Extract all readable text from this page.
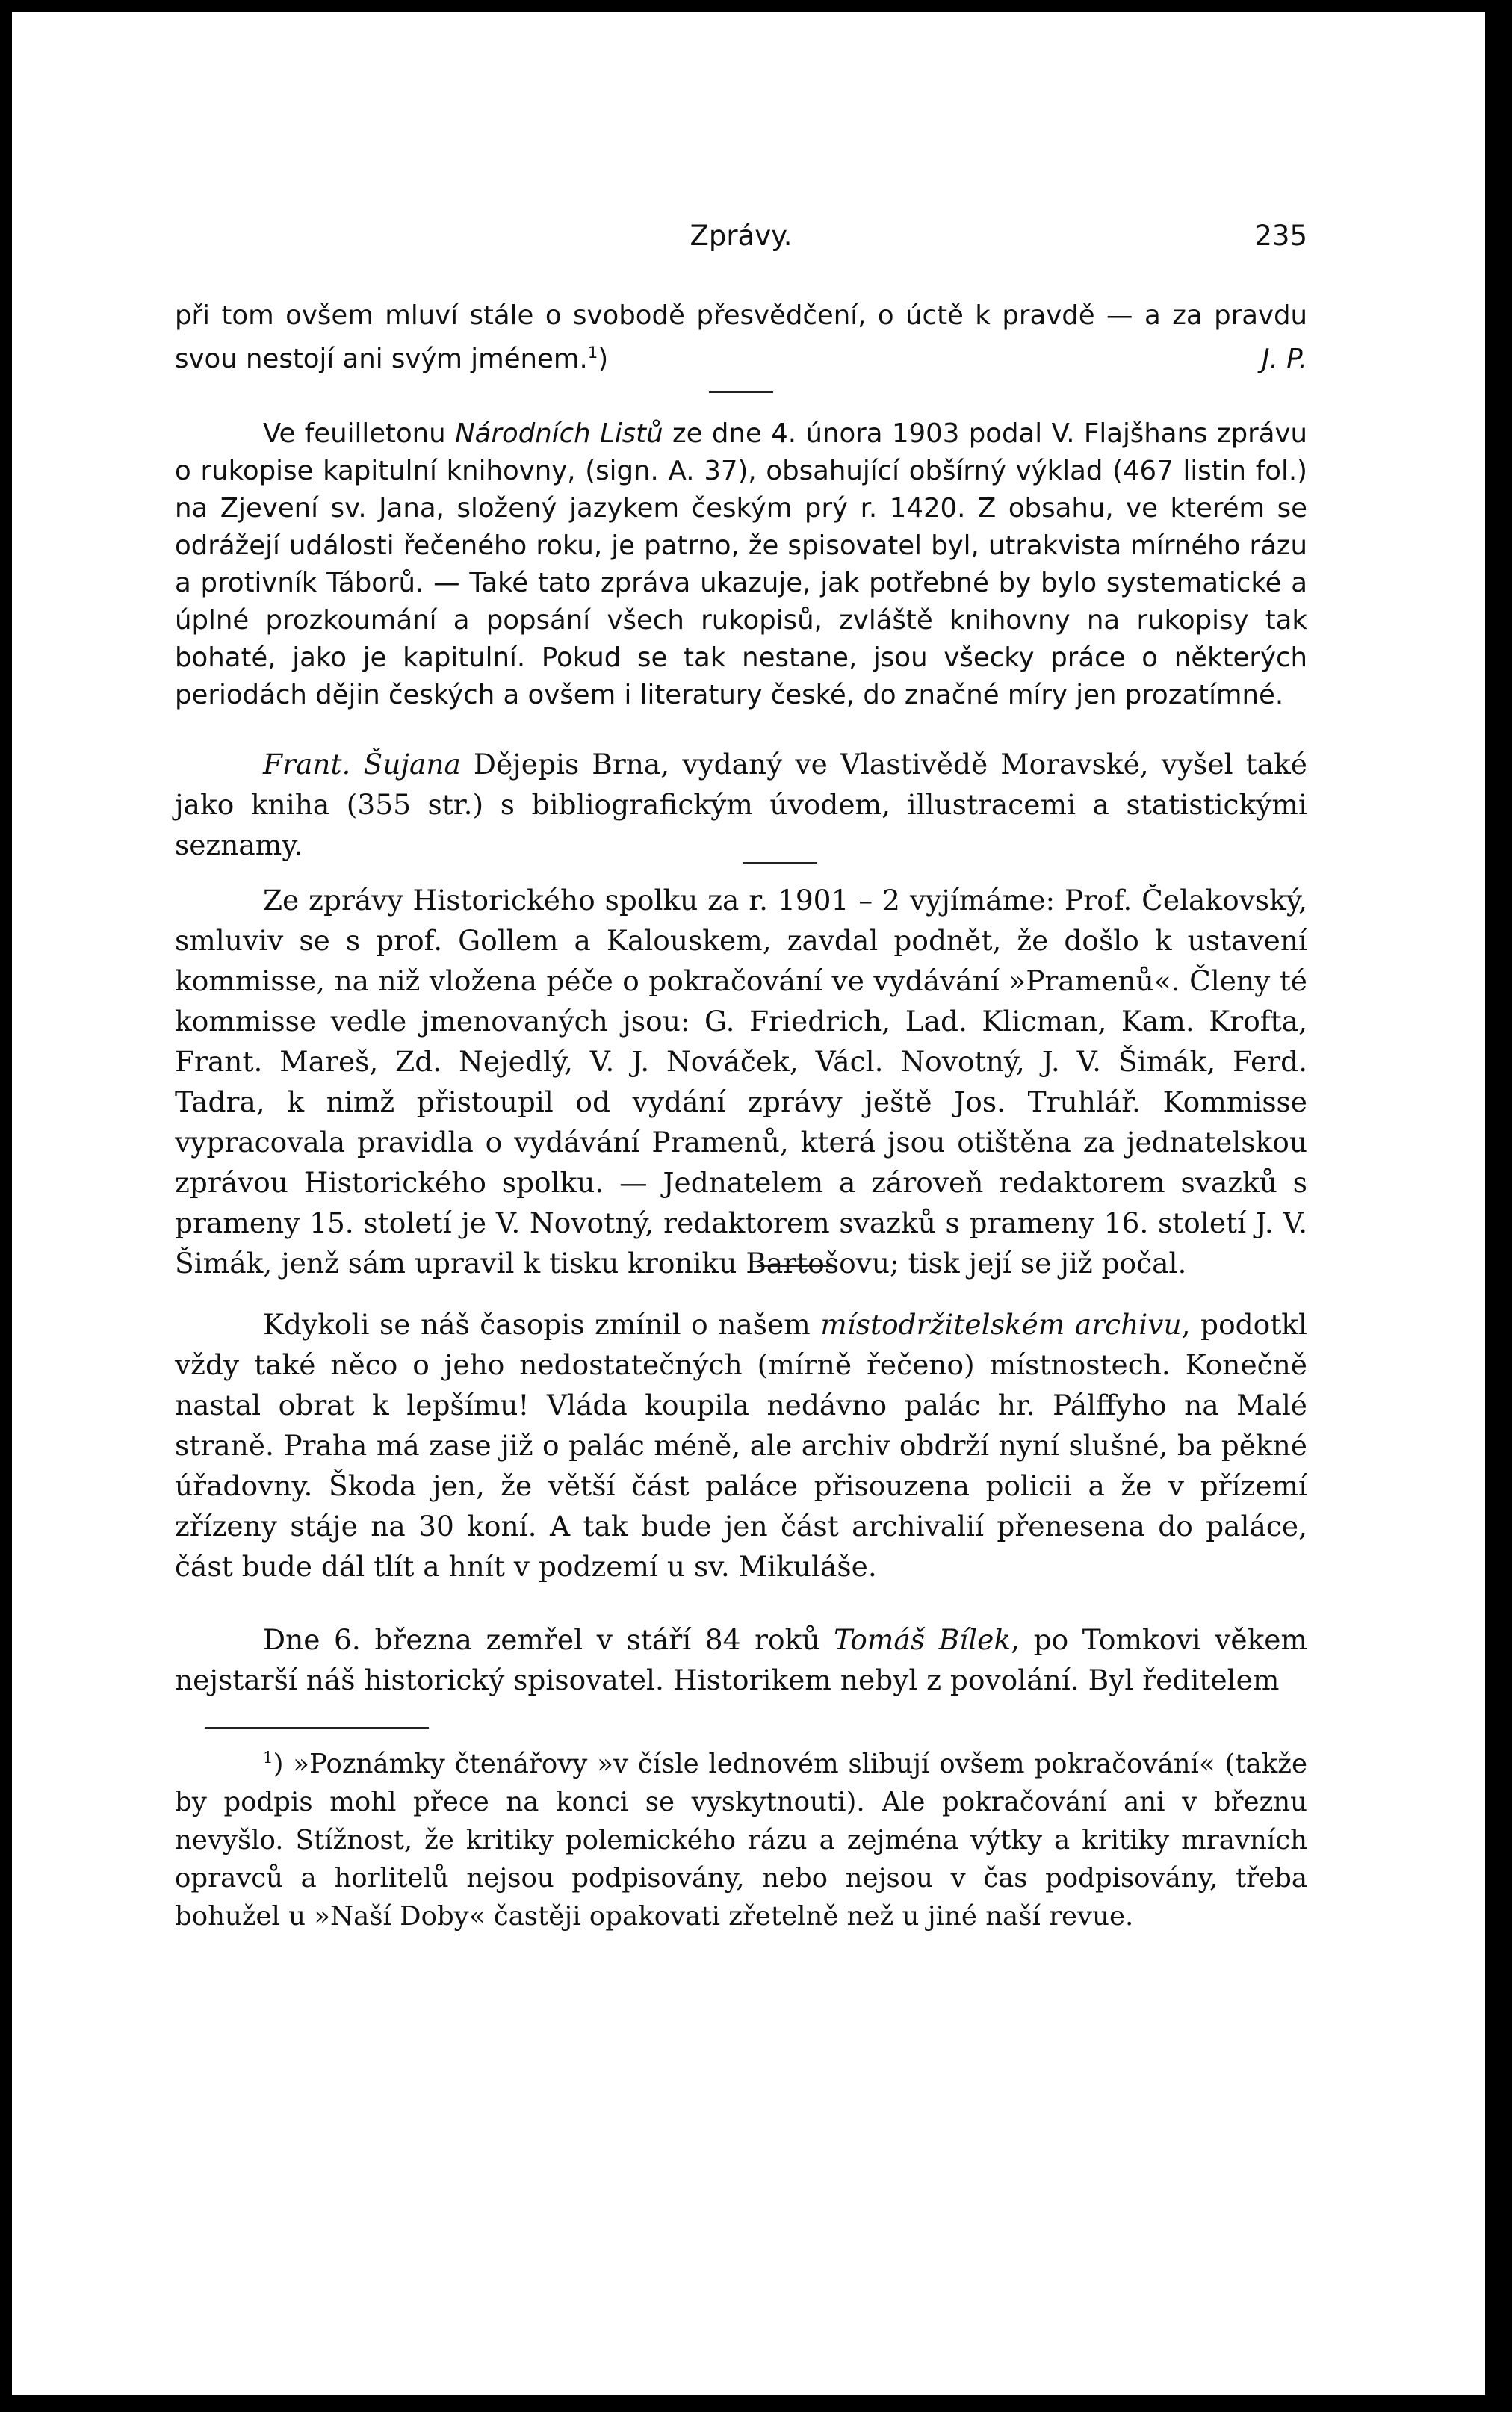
Zprávy.	235

při tom ovšem mluví stále o svobodě přesvědčení, o úctě k pravdě — a za pravdu svou nestojí ani svým jménem.$^1$)	J. P.

Ve feuilletonu Národních Listů ze dne 4. února 1903 podal V. Flajšhans zprávu o rukopise kapitulní knihovny, (sign. A. 37), obsahující obšírný výklad (467 listin fol.) na Zjevení sv. Jana, složený jazykem českým prý r. 1420. Z obsahu, ve kterém se odrážejí události řečeného roku, je patrno, že spisovatel byl, utrakvista mírného rázu a protivník Táborů. — Také tato zpráva ukazuje, jak potřebné by bylo systematické a úplné prozkoumání a popsání všech rukopisů, zvláště knihovny na rukopisy tak bohaté, jako je kapitulní. Pokud se tak nestane, jsou všecky práce o některých periodách dějin českých a ovšem i literatury české, do značné míry jen prozatímné.

Frant. Šujana Dějepis Brna, vydaný ve Vlastivědě Moravské, vyšel také jako kniha (355 str.) s bibliografickým úvodem, illustracemi a statistickými seznamy.

Ze zprávy Historického spolku za r. 1901 – 2 vyjímáme: Prof. Čelakovský, smluviv se s prof. Gollem a Kalouskem, zavdal podnět, že došlo k ustavení kommisse, na niž vložena péče o pokračování ve vydávání »Pramenů«. Členy té kommisse vedle jmenovaných jsou: G. Friedrich, Lad. Klicman, Kam. Krofta, Frant. Mareš, Zd. Nejedlý, V. J. Nováček, Václ. Novotný, J. V. Šimák, Ferd. Tadra, k nimž přistoupil od vydání zprávy ještě Jos. Truhlář. Kommisse vypracovala pravidla o vydávání Pramenů, která jsou otištěna za jednatelskou zprávou Historického spolku. — Jednatelem a zároveň redaktorem svazků s prameny 15. století je V. Novotný, redaktorem svazků s prameny 16. století J. V. Šimák, jenž sám upravil k tisku kroniku Bartošovu; tisk její se již počal.

Kdykoli se náš časopis zmínil o našem místodržitelském archivu, podotkl vždy také něco o jeho nedostatečných (mírně řečeno) místnostech. Konečně nastal obrat k lepšímu! Vláda koupila nedávno palác hr. Pálffyho na Malé straně. Praha má zase již o palác méně, ale archiv obdrží nyní slušné, ba pěkné úřadovny. Škoda jen, že větší část paláce přisouzena policii a že v přízemí zřízeny stáje na 30 koní. A tak bude jen část archivalií přenesena do paláce, část bude dál tlít a hnít v podzemí u sv. Mikuláše.

Dne 6. března zemřel v stáří 84 roků Tomáš Bílek, po Tomkovi věkem nejstarší náš historický spisovatel. Historikem nebyl z povolání. Byl ředitelem

$^1$) »Poznámky čtenářovy »v čísle lednovém slibují ovšem pokračování« (takže by podpis mohl přece na konci se vyskytnouti). Ale pokračování ani v březnu nevyšlo. Stížnost, že kritiky polemického rázu a zejména výtky a kritiky mravních opravců a horlitelů nejsou podpisovány, nebo nejsou v čas podpisovány, třeba bohužel u »Naší Doby« častěji opakovati zřetelně než u jiné naší revue.
